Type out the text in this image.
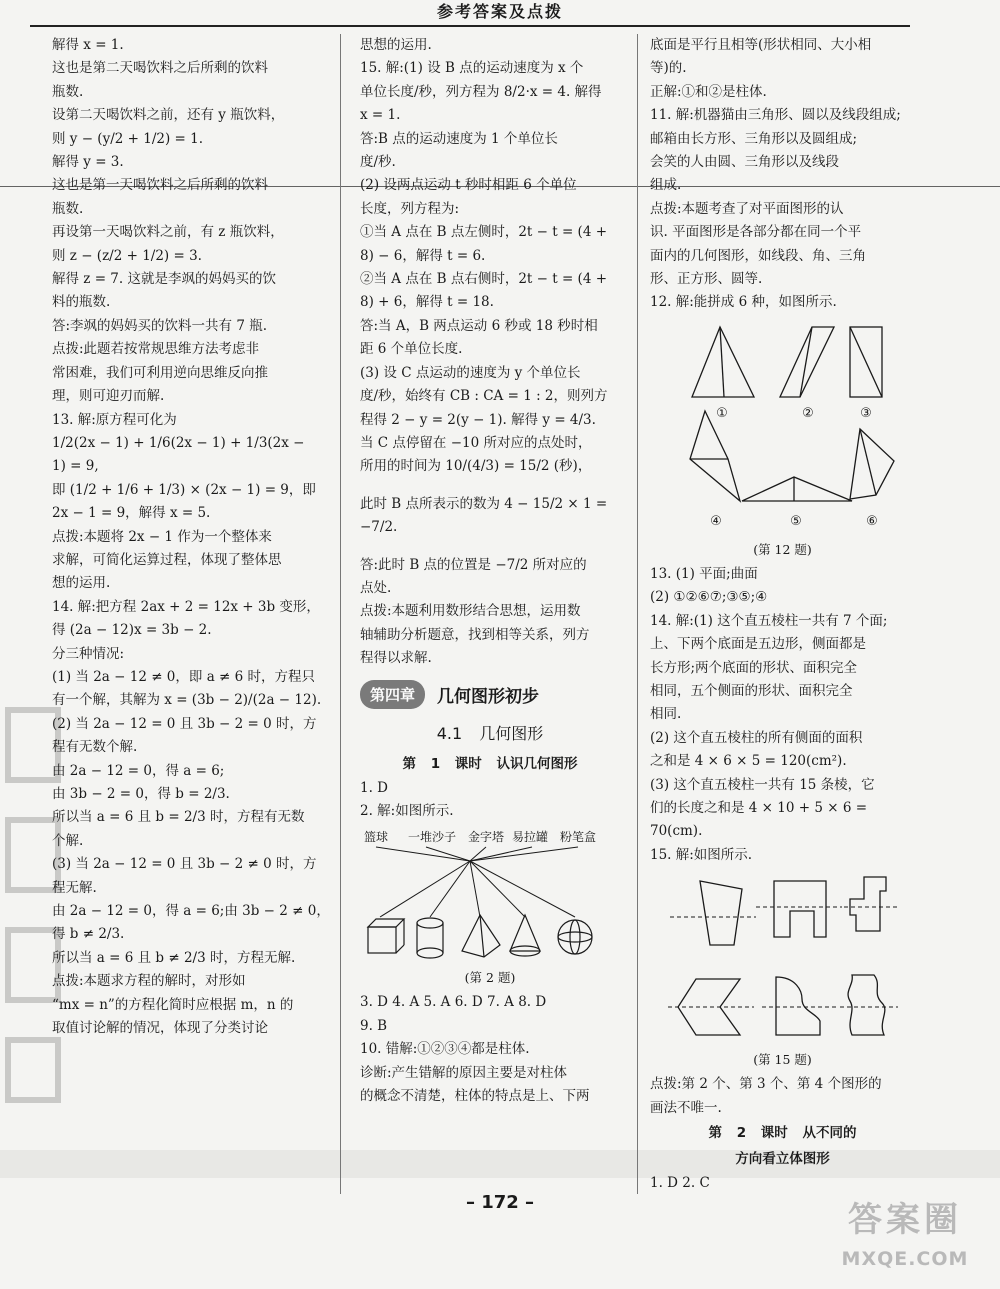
参考答案及点拨
解得 x = 1.
这也是第二天喝饮料之后所剩的饮料
瓶数.
设第二天喝饮料之前，还有 y 瓶饮料，
则 y − (y/2 + 1/2) = 1.
解得 y = 3.
这也是第一天喝饮料之后所剩的饮料
瓶数.
再设第一天喝饮料之前，有 z 瓶饮料，
则 z − (z/2 + 1/2) = 3.
解得 z = 7. 这就是李飒的妈妈买的饮
料的瓶数.
答:李飒的妈妈买的饮料一共有 7 瓶.
点拨:此题若按常规思维方法考虑非
常困难，我们可利用逆向思维反向推
理，则可迎刃而解.
13. 解:原方程可化为
1/2(2x − 1) + 1/6(2x − 1) + 1/3(2x −
1) = 9,
即 (1/2 + 1/6 + 1/3) × (2x − 1) = 9，即
2x − 1 = 9，解得 x = 5.
点拨:本题将 2x − 1 作为一个整体来
求解，可简化运算过程，体现了整体思
想的运用.
14. 解:把方程 2ax + 2 = 12x + 3b 变形，
得 (2a − 12)x = 3b − 2.
分三种情况:
(1) 当 2a − 12 ≠ 0，即 a ≠ 6 时，方程只
有一个解，其解为 x = (3b − 2)/(2a − 12).
(2) 当 2a − 12 = 0 且 3b − 2 = 0 时，方
程有无数个解.
由 2a − 12 = 0，得 a = 6;
由 3b − 2 = 0，得 b = 2/3.
所以当 a = 6 且 b = 2/3 时，方程有无数
个解.
(3) 当 2a − 12 = 0 且 3b − 2 ≠ 0 时，方
程无解.
由 2a − 12 = 0，得 a = 6;由 3b − 2 ≠ 0，
得 b ≠ 2/3.
所以当 a = 6 且 b ≠ 2/3 时，方程无解.
点拨:本题求方程的解时，对形如
“mx = n”的方程化简时应根据 m，n 的
取值讨论解的情况，体现了分类讨论
思想的运用.
15. 解:(1) 设 B 点的运动速度为 x 个
单位长度/秒，列方程为 8/2·x = 4. 解得
x = 1.
答:B 点的运动速度为 1 个单位长
度/秒.
(2) 设两点运动 t 秒时相距 6 个单位
长度，列方程为:
①当 A 点在 B 点左侧时，2t − t = (4 +
8) − 6，解得 t = 6.
②当 A 点在 B 点右侧时，2t − t = (4 +
8) + 6，解得 t = 18.
答:当 A，B 两点运动 6 秒或 18 秒时相
距 6 个单位长度.
(3) 设 C 点运动的速度为 y 个单位长
度/秒，始终有 CB : CA = 1 : 2，则列方
程得 2 − y = 2(y − 1). 解得 y = 4/3.
当 C 点停留在 −10 所对应的点处时，
所用的时间为 10/(4/3) = 15/2 (秒)，
此时 B 点所表示的数为 4 − 15/2 × 1 =
−7/2.
答:此时 B 点的位置是 −7/2 所对应的
点处.
点拨:本题利用数形结合思想，运用数
轴辅助分析题意，找到相等关系，列方
程得以求解.
第四章	几何图形初步
4.1 几何图形
第 1 课时 认识几何图形
1. D
2. 解:如图所示.
篮球 一堆沙子 金字塔 易拉罐 粉笔盒
(第 2 题)
3. D 4. A 5. A 6. D 7. A 8. D
9. B
10. 错解:①②③④都是柱体.
诊断:产生错解的原因主要是对柱体
的概念不清楚，柱体的特点是上、下两
底面是平行且相等(形状相同、大小相
等)的.
正解:①和②是柱体.
11. 解:机器猫由三角形、圆以及线段组成;
邮箱由长方形、三角形以及圆组成;
会笑的人由圆、三角形以及线段
组成.
点拨:本题考查了对平面图形的认
识. 平面图形是各部分都在同一个平
面内的几何图形，如线段、角、三角
形、正方形、圆等.
12. 解:能拼成 6 种，如图所示.
①	②	③
④	⑤	⑥
(第 12 题)
13. (1) 平面;曲面
(2) ①②⑥⑦;③⑤;④
14. 解:(1) 这个直五棱柱一共有 7 个面;
上、下两个底面是五边形，侧面都是
长方形;两个底面的形状、面积完全
相同，五个侧面的形状、面积完全
相同.
(2) 这个直五棱柱的所有侧面的面积
之和是 4 × 6 × 5 = 120(cm²).
(3) 这个直五棱柱一共有 15 条棱，它
们的长度之和是 4 × 10 + 5 × 6 =
70(cm).
15. 解:如图所示.
(第 15 题)
点拨:第 2 个、第 3 个、第 4 个图形的
画法不唯一.
第 2 课时 从不同的
方向看立体图形
1. D 2. C
– 172 –	答案圈
MXQE.COM
